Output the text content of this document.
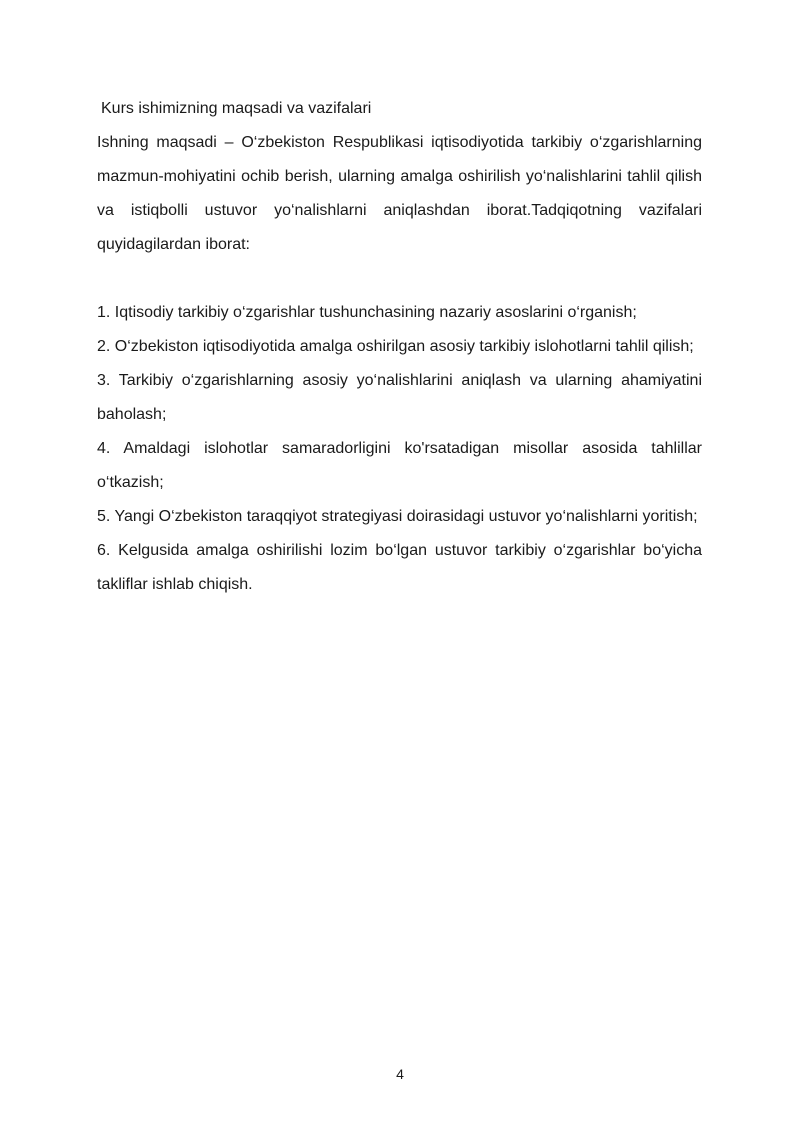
Kurs ishimizning maqsadi va vazifalari

Ishning maqsadi – O‘zbekiston Respublikasi iqtisodiyotida tarkibiy o‘zgarishlarning mazmun-mohiyatini ochib berish, ularning amalga oshirilish yo‘nalishlarini tahlil qilish va istiqbolli ustuvor yo‘nalishlarni aniqlashdan iborat.Tadqiqotning vazifalari quyidagilardan iborat:

1. Iqtisodiy tarkibiy o‘zgarishlar tushunchasining nazariy asoslarini o‘rganish;
2. O‘zbekiston iqtisodiyotida amalga oshirilgan asosiy tarkibiy islohotlarni tahlil qilish;
3. Tarkibiy o‘zgarishlarning asosiy yo‘nalishlarini aniqlash va ularning ahamiyatini baholash;
4. Amaldagi islohotlar samaradorligini ko'rsatadigan misollar asosida tahlillar o‘tkazish;
5. Yangi O‘zbekiston taraqqiyot strategiyasi doirasidagi ustuvor yo‘nalishlarni yoritish;
6. Kelgusida amalga oshirilishi lozim bo‘lgan ustuvor tarkibiy o‘zgarishlar bo‘yicha takliflar ishlab chiqish.
4
